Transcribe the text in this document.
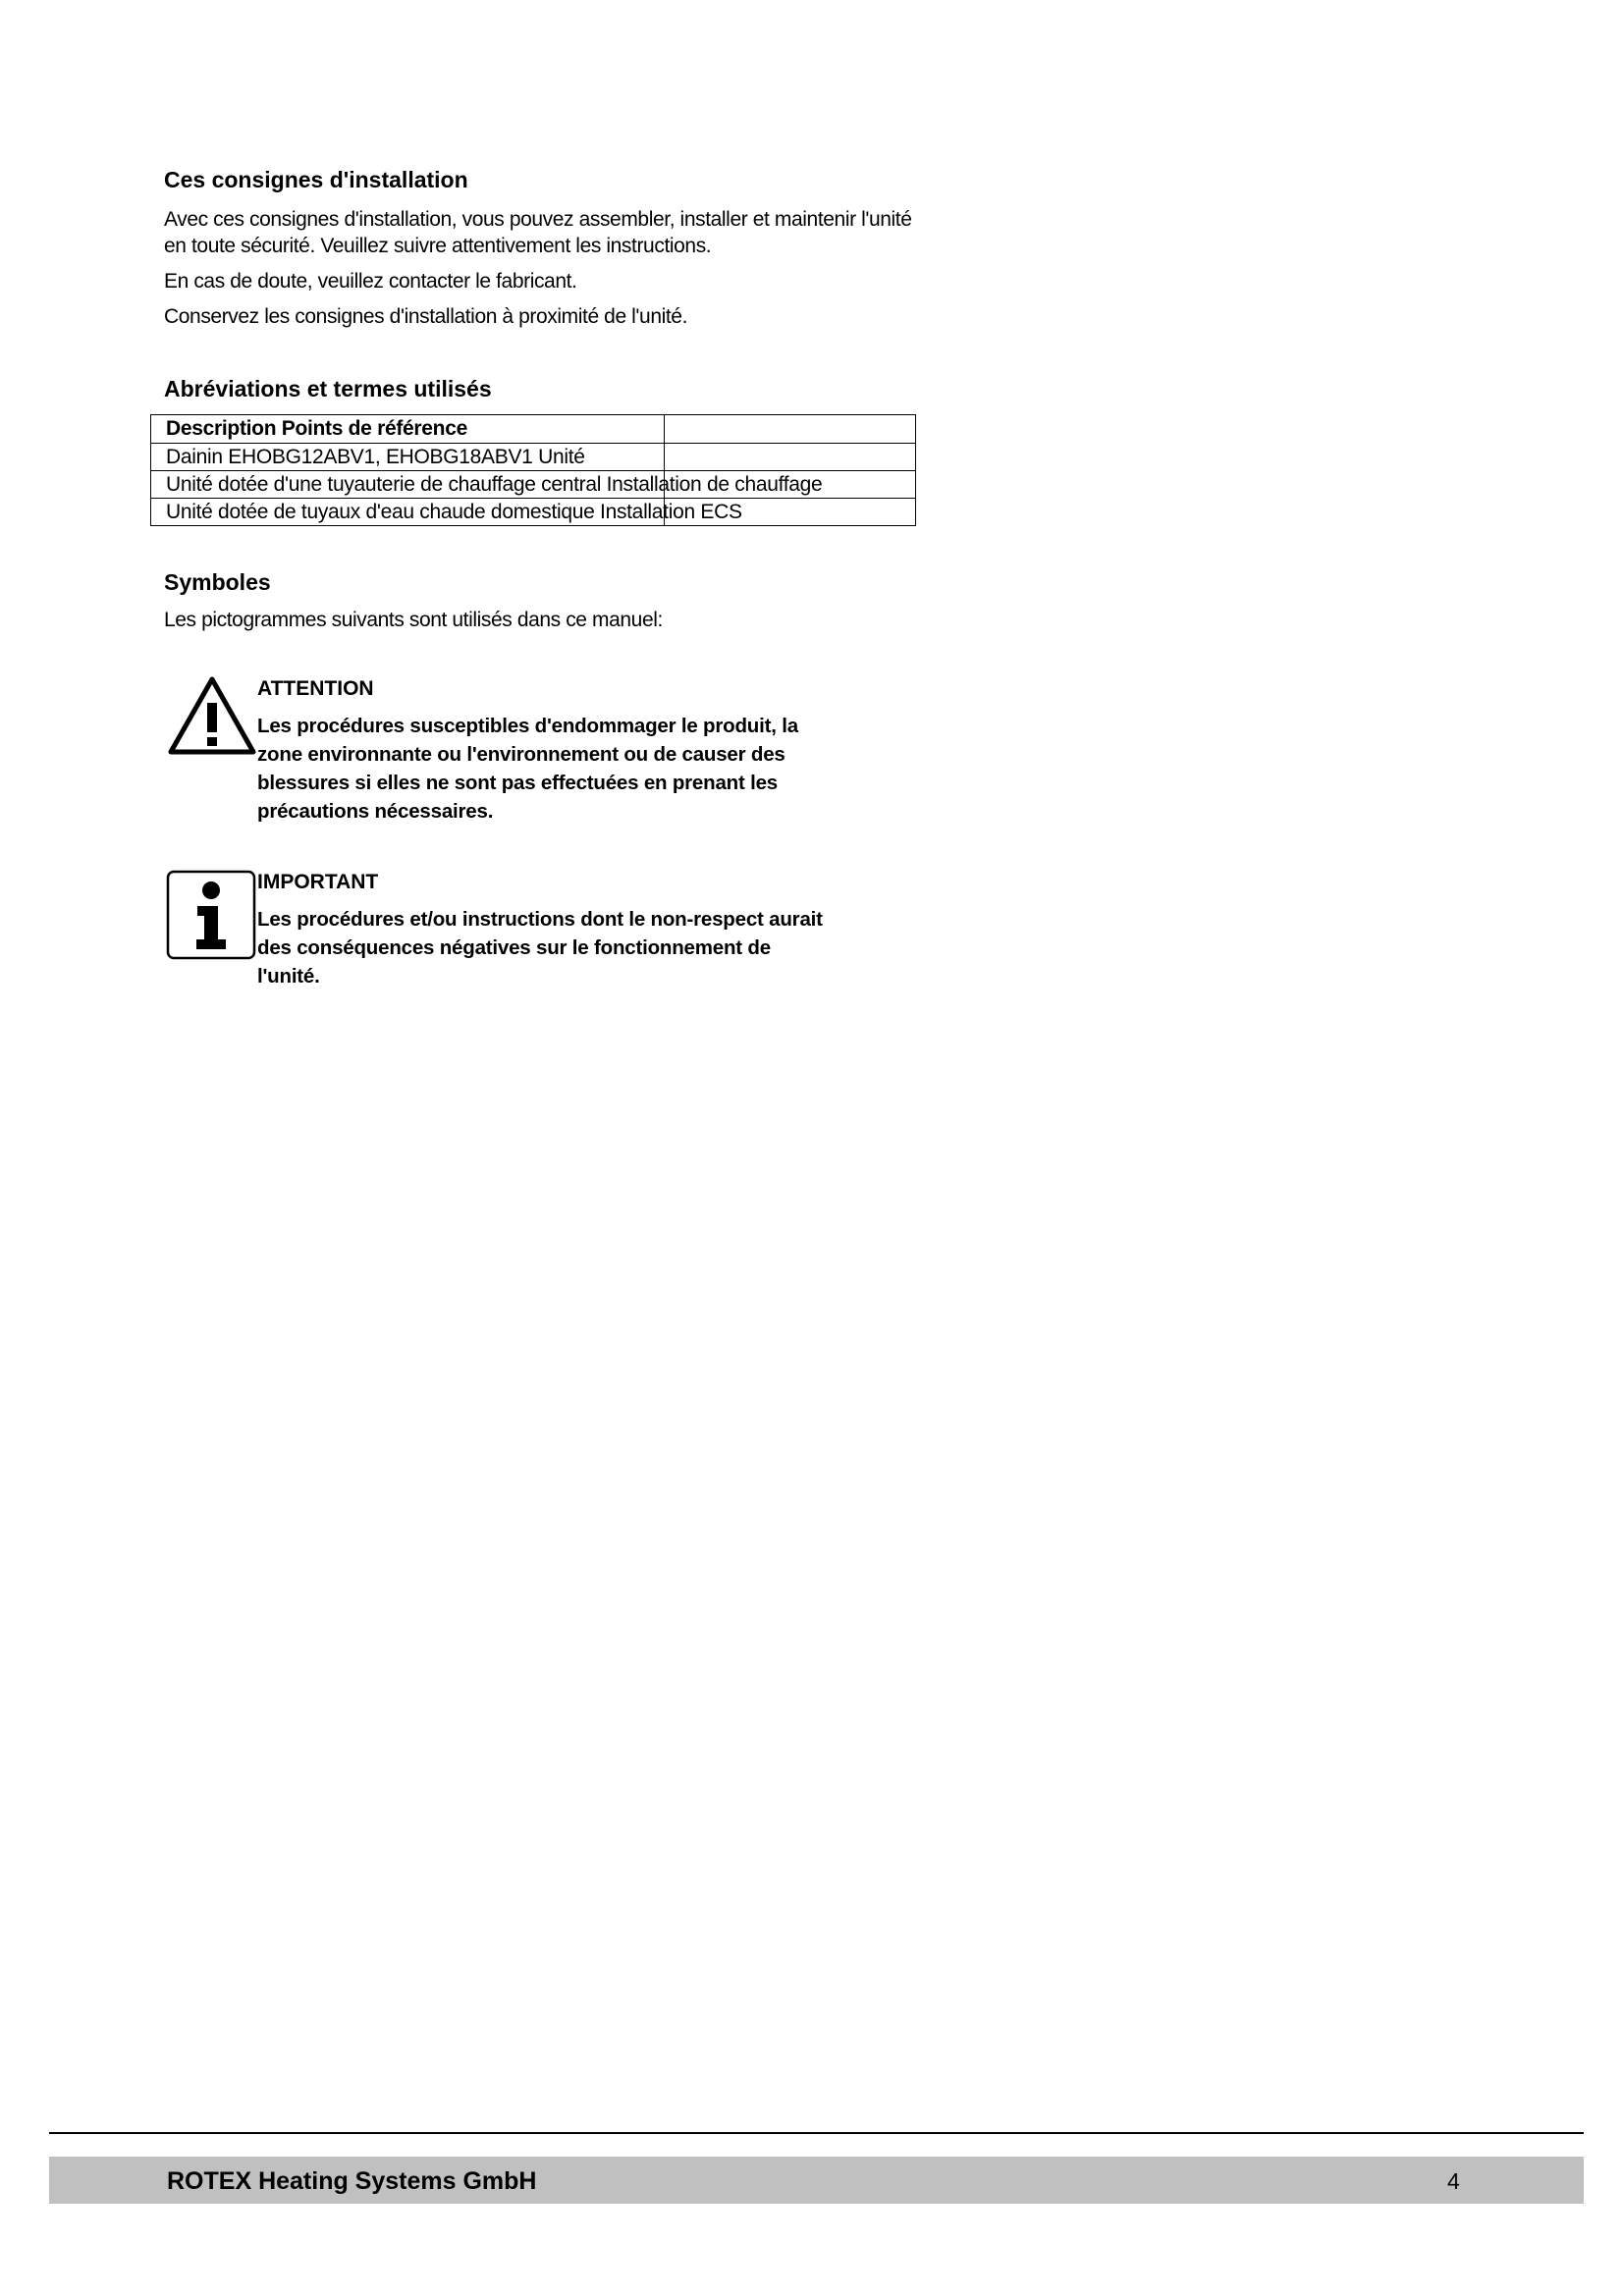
Ces consignes d'installation
Avec ces consignes d'installation, vous pouvez assembler, installer et maintenir l'unité
en toute sécurité. Veuillez suivre attentivement les instructions.
En cas de doute, veuillez contacter le fabricant.
Conservez les consignes d'installation à proximité de l'unité.
Abréviations et termes utilisés
Description Points de référence
Dainin EHOBG12ABV1, EHOBG18ABV1 Unité
Unité dotée d'une tuyauterie de chauffage central Installation de chauffage
Unité dotée de tuyaux d'eau chaude domestique Installation ECS
Symboles
Les pictogrammes suivants sont utilisés dans ce manuel:
ATTENTION
Les procédures susceptibles d'endommager le produit, la
zone environnante ou l'environnement ou de causer des
blessures si elles ne sont pas effectuées en prenant les
précautions nécessaires.
IMPORTANT
Les procédures et/ou instructions dont le non-respect aurait
des conséquences négatives sur le fonctionnement de
l'unité.
ROTEX Heating Systems GmbH	4
